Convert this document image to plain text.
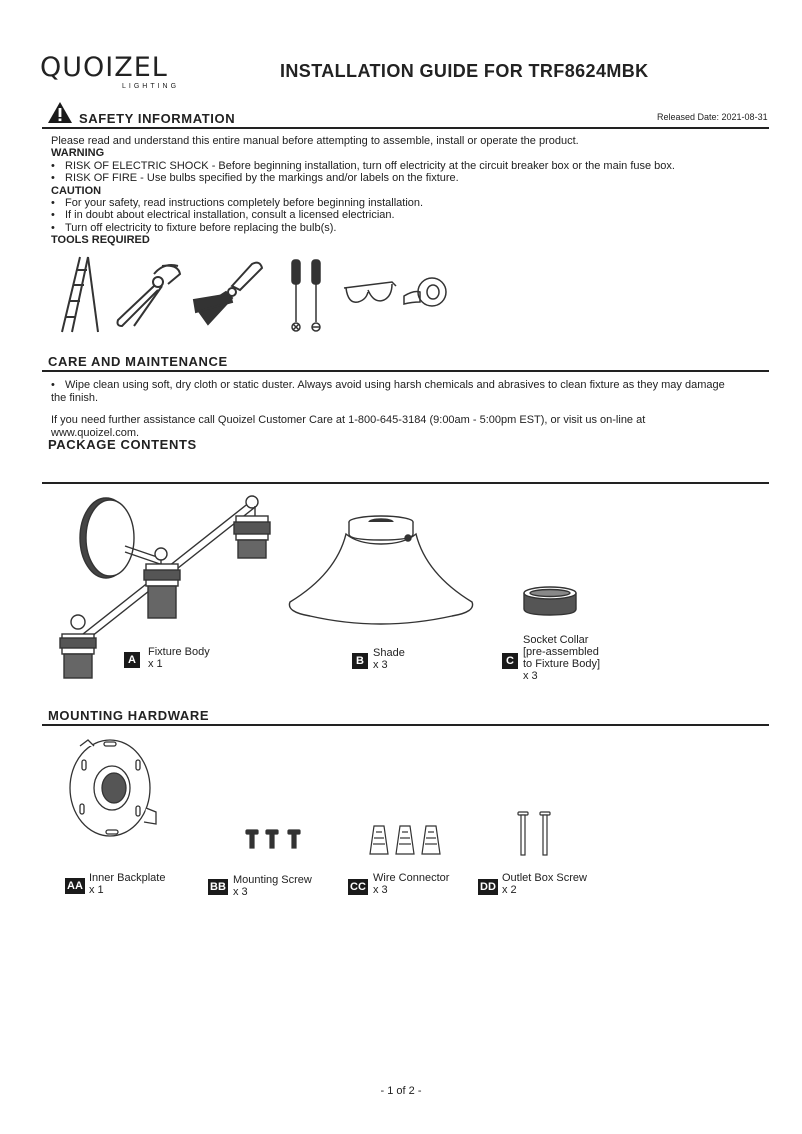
QUOIZEL
LIGHTING
INSTALLATION GUIDE FOR TRF8624MBK
SAFETY INFORMATION	Released Date: 2021-08-31
Please read and understand this entire manual before attempting to assemble, install or operate the product.
WARNING
• RISK OF ELECTRIC SHOCK - Before beginning installation, turn off electricity at the circuit breaker box or the main fuse box.
• RISK OF FIRE - Use bulbs specified by the markings and/or labels on the fixture.
CAUTION
• For your safety, read instructions completely before beginning installation.
• If in doubt about electrical installation, consult a licensed electrician.
• Turn off electricity to fixture before replacing the bulb(s).
TOOLS REQUIRED
CARE AND MAINTENANCE
• Wipe clean using soft, dry cloth or static duster. Always avoid using harsh chemicals and abrasives to clean fixture as they may damage
the finish.
If you need further assistance call Quoizel Customer Care at 1-800-645-3184 (9:00am - 5:00pm EST), or visit us on-line at
www.quoizel.com.
PACKAGE CONTENTS
A
Fixture Body
x 1	B
Shade
x 3	C
Socket Collar
[pre-assembled
to Fixture Body]
x 3
MOUNTING HARDWARE
AA
Inner Backplate
x 1	BB
Mounting Screw
x 3	CC
Wire Connector
x 3	DD
Outlet Box Screw
x 2
- 1 of 2 -
